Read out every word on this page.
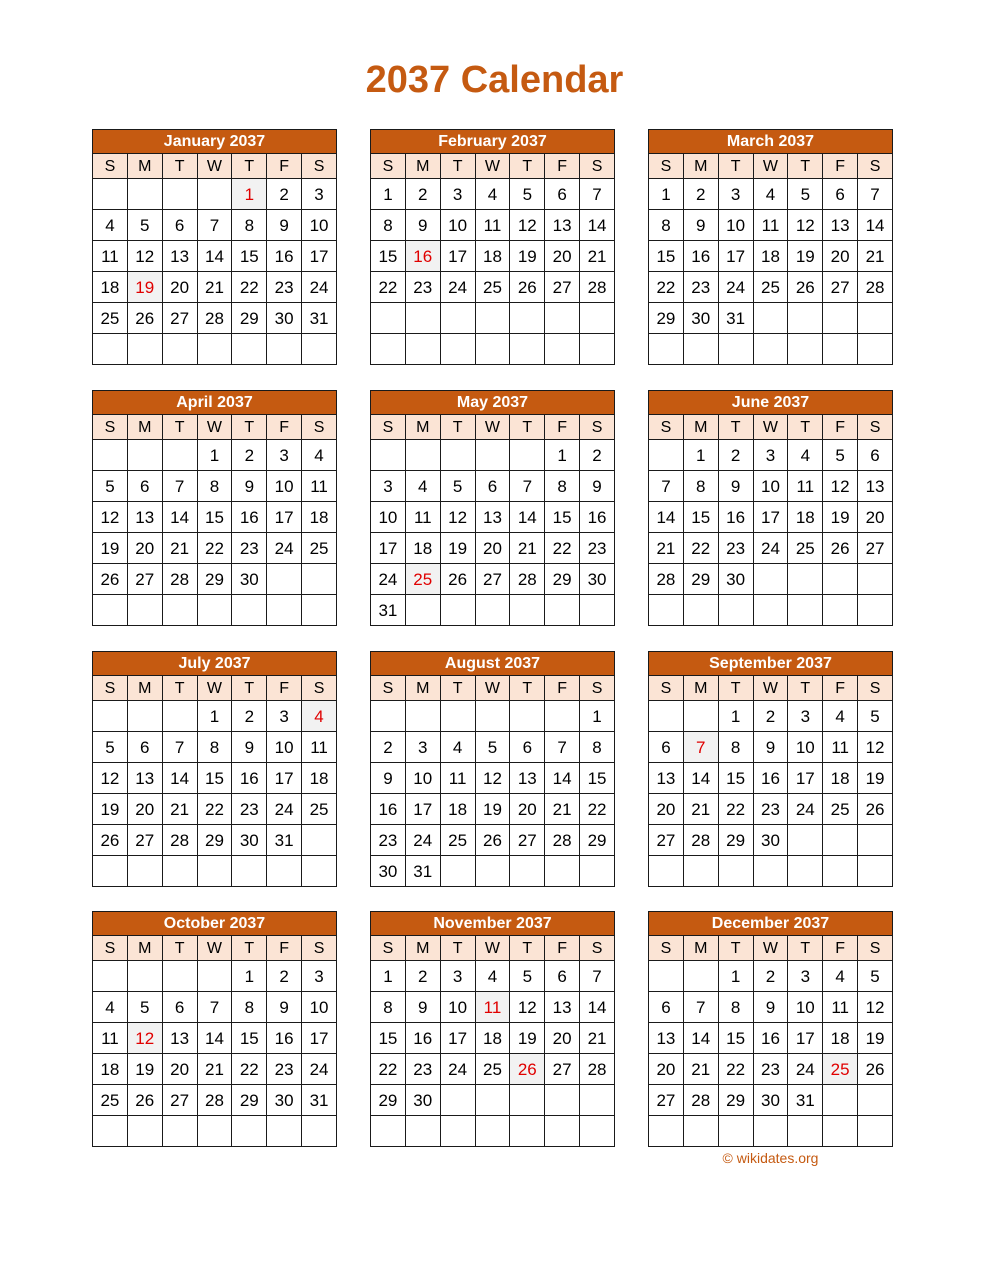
2037 Calendar
January 2037						
S	M	T	W	T	F	S
				1	2	3
4	5	6	7	8	9	10
11	12	13	14	15	16	17
18	19	20	21	22	23	24
25	26	27	28	29	30	31

February 2037						
S	M	T	W	T	F	S
1	2	3	4	5	6	7
8	9	10	11	12	13	14
15	16	17	18	19	20	21
22	23	24	25	26	27	28

March 2037						
S	M	T	W	T	F	S
1	2	3	4	5	6	7
8	9	10	11	12	13	14
15	16	17	18	19	20	21
22	23	24	25	26	27	28
29	30	31				

April 2037						
S	M	T	W	T	F	S
			1	2	3	4
5	6	7	8	9	10	11
12	13	14	15	16	17	18
19	20	21	22	23	24	25
26	27	28	29	30		

May 2037						
S	M	T	W	T	F	S
					1	2
3	4	5	6	7	8	9
10	11	12	13	14	15	16
17	18	19	20	21	22	23
24	25	26	27	28	29	30
31						
June 2037						
S	M	T	W	T	F	S
	1	2	3	4	5	6
7	8	9	10	11	12	13
14	15	16	17	18	19	20
21	22	23	24	25	26	27
28	29	30				

July 2037						
S	M	T	W	T	F	S
			1	2	3	4
5	6	7	8	9	10	11
12	13	14	15	16	17	18
19	20	21	22	23	24	25
26	27	28	29	30	31	

August 2037						
S	M	T	W	T	F	S
						1
2	3	4	5	6	7	8
9	10	11	12	13	14	15
16	17	18	19	20	21	22
23	24	25	26	27	28	29
30	31					
September 2037						
S	M	T	W	T	F	S
		1	2	3	4	5
6	7	8	9	10	11	12
13	14	15	16	17	18	19
20	21	22	23	24	25	26
27	28	29	30			

October 2037						
S	M	T	W	T	F	S
				1	2	3
4	5	6	7	8	9	10
11	12	13	14	15	16	17
18	19	20	21	22	23	24
25	26	27	28	29	30	31

November 2037						
S	M	T	W	T	F	S
1	2	3	4	5	6	7
8	9	10	11	12	13	14
15	16	17	18	19	20	21
22	23	24	25	26	27	28
29	30					

December 2037						
S	M	T	W	T	F	S
		1	2	3	4	5
6	7	8	9	10	11	12
13	14	15	16	17	18	19
20	21	22	23	24	25	26
27	28	29	30	31		

© wikidates.org
